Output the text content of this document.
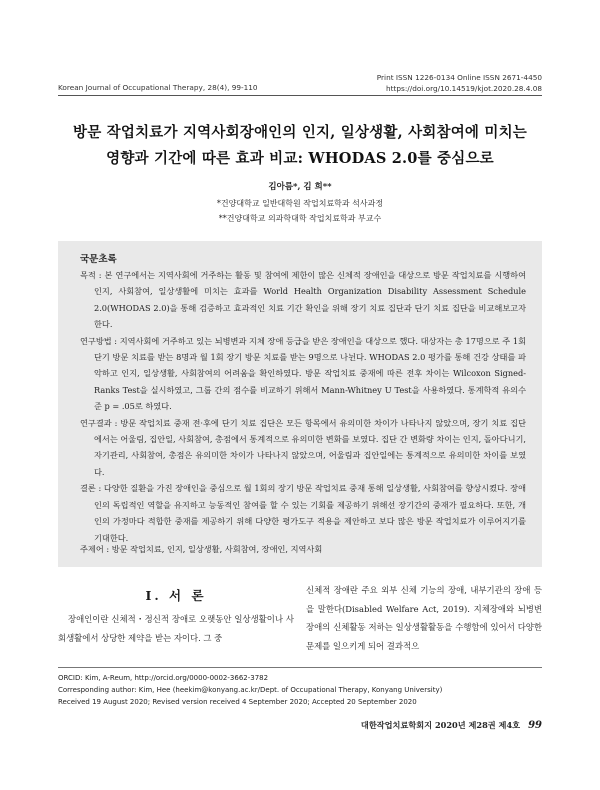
Print ISSN 1226-0134 Online ISSN 2671-4450
https://doi.org/10.14519/kjot.2020.28.4.08
Korean Journal of Occupational Therapy, 28(4), 99-110
방문 작업치료가 지역사회장애인의 인지, 일상생활, 사회참여에 미치는
영향과 기간에 따른 효과 비교: WHODAS 2.0를 중심으로
김아름*, 김 희**
*건양대학교 일반대학원 작업치료학과 석사과정
**건양대학교 의과학대학 작업치료학과 부교수
국문초록

목적 : 본 연구에서는 지역사회에 거주하는 활동 및 참여에 제한이 많은 신체적 장애인을 대상으로 방문 작업치료를 시행하여 인지, 사회참여, 일상생활에 미치는 효과를 World Health Organization Disability Assessment Schedule 2.0(WHODAS 2.0)을 통해 검증하고 효과적인 치료 기간 확인을 위해 장기 치료 집단과 단기 치료 집단을 비교해보고자 한다.

연구방법 : 지역사회에 거주하고 있는 뇌병변과 지체 장애 등급을 받은 장애인을 대상으로 했다. 대상자는 총 17명으로 주 1회 단기 방문 치료를 받는 8명과 월 1회 장기 방문 치료를 받는 9명으로 나뉜다. WHODAS 2.0 평가를 통해 건강 상태를 파악하고 인지, 일상생활, 사회참여의 어려움을 확인하였다. 방문 작업치료 중재에 따른 전후 차이는 Wilcoxon Signed-Ranks Test을 실시하였고, 그룹 간의 점수를 비교하기 위해서 Mann-Whitney U Test을 사용하였다. 통계학적 유의수준 p = .05로 하였다.

연구결과 : 방문 작업치료 중재 전·후에 단기 치료 집단은 모든 항목에서 유의미한 차이가 나타나지 않았으며, 장기 치료 집단에서는 어울림, 집안일, 사회참여, 총점에서 통계적으로 유의미한 변화를 보였다. 집단 간 변화량 차이는 인지, 돌아다니기, 자기관리, 사회참여, 총점은 유의미한 차이가 나타나지 않았으며, 어울림과 집안일에는 통계적으로 유의미한 차이를 보였다.

결론 : 다양한 질환을 가진 장애인을 중심으로 월 1회의 장기 방문 작업치료 중재 통해 일상생활, 사회참여를 향상시켰다. 장애인의 독립적인 역할을 유지하고 능동적인 참여를 할 수 있는 기회를 제공하기 위해선 장기간의 중재가 필요하다. 또한, 개인의 가정마다 적합한 중재를 제공하기 위해 다양한 평가도구 적용을 제안하고 보다 많은 방문 작업치료가 이루어지기를 기대한다.

주제어 : 방문 작업치료, 인지, 일상생활, 사회참여, 장애인, 지역사회
Ⅰ. 서 론
장애인이란 신체적・정신적 장애로 오랫동안 일상생활이나 사회생활에서 상당한 제약을 받는 자이다. 그 중
신체적 장애란 주요 외부 신체 기능의 장애, 내부기관의 장애 등을 말한다(Disabled Welfare Act, 2019). 지체장애와 뇌병변장애의 신체활동 저하는 일상생활활동을 수행함에 있어서 다양한 문제를 일으키게 되어 결과적으
ORCID: Kim, A-Reum, http://orcid.org/0000-0002-3662-3782
Corresponding author: Kim, Hee (heekim@konyang.ac.kr/Dept. of Occupational Therapy, Konyang University)
Received 19 August 2020; Revised version received 4 September 2020; Accepted 20 September 2020
대한작업치료학회지 2020년 제28권 제4호 99
